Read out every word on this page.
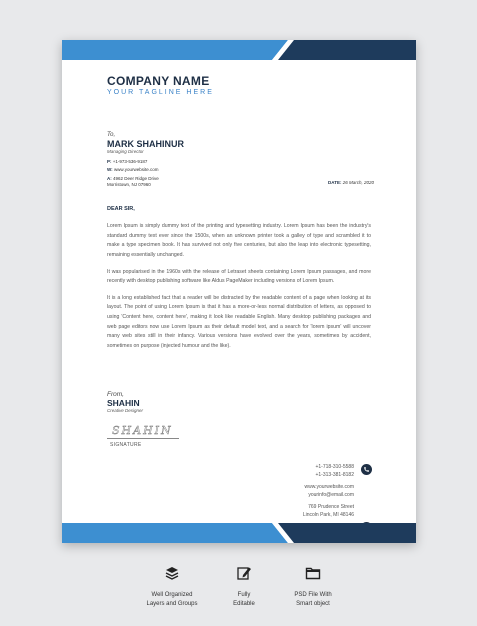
COMPANY NAME
YOUR TAGLINE HERE
To,
MARK SHAHINUR
Managing Director
P: +1-973-536-9187
W: www.yourwebsite.com
A: 4962 Deer Ridge Drive
Morristown, NJ 07960	DATE: 26 March, 2020
DEAR SIR,

Lorem Ipsum is simply dummy text of the printing and typesetting industry. Lorem Ipsum has been the industry's standard dummy text ever since the 1500s, when an unknown printer took a galley of type and scrambled it to make a type specimen book. It has survived not only five centuries, but also the leap into electronic typesetting, remaining essentially unchanged.

It was popularised in the 1960s with the release of Letraset sheets containing Lorem Ipsum passages, and more recently with desktop publishing software like Aldus PageMaker including versions of Lorem Ipsum.

It is a long established fact that a reader will be distracted by the readable content of a page when looking at its layout. The point of using Lorem Ipsum is that it has a more-or-less normal distribution of letters, as opposed to using 'Content here, content here', making it look like readable English. Many desktop publishing packages and web page editors now use Lorem Ipsum as their default model text, and a search for 'lorem ipsum' will uncover many web sites still in their infancy. Various versions have evolved over the years, sometimes by accident, sometimes on purpose (injected humour and the like).

From,
SHAHIN
Creative Designer
SHAHIN
SIGNATURE
+1-718-310-5588
+1-313-381-8182
www.yourwebsite.com
yourinfo@email.com
769 Prudence Street
Lincoln Park, MI 48146
Well Organized
Layers and Groups
Fully
Editable
PSD File With
Smart object
